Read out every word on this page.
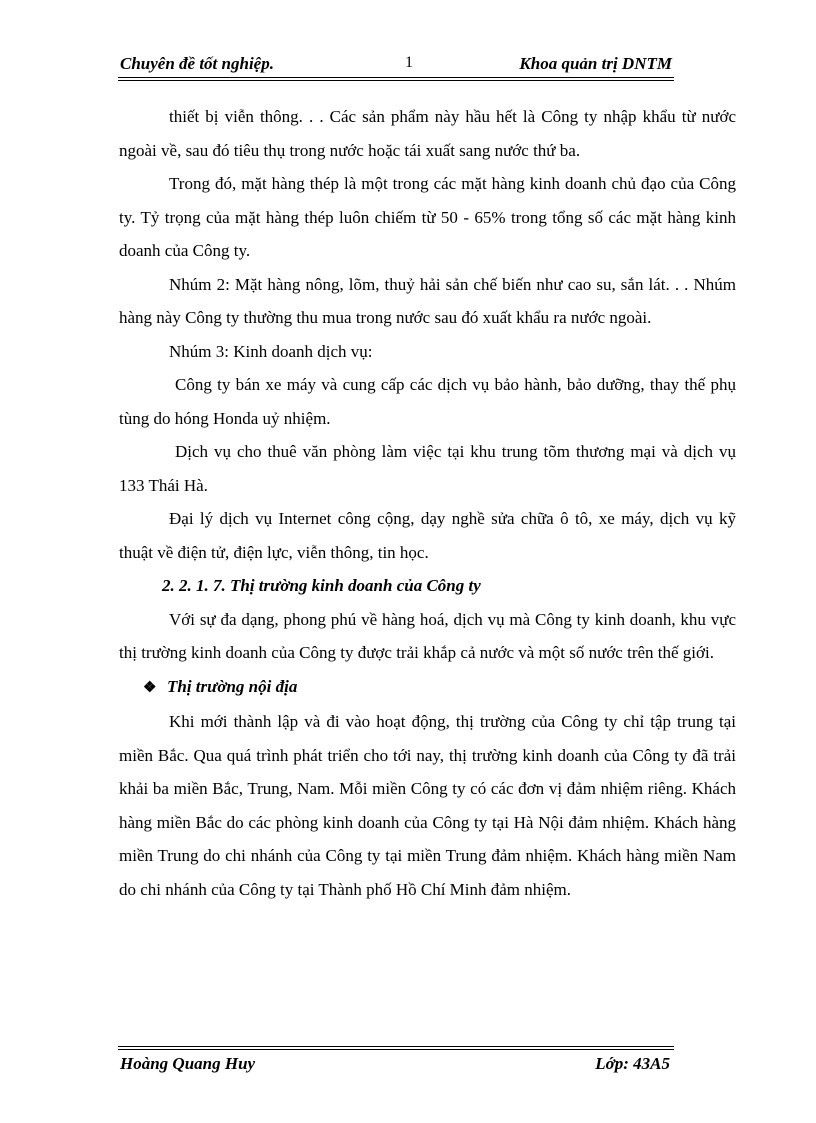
Chuyên đề tốt nghiệp.	1	Khoa quản trị DNTM

thiết bị viễn thông. . . Các sản phẩm này hầu hết là Công ty nhập khẩu từ nước ngoài về, sau đó tiêu thụ trong nước hoặc tái xuất sang nước thứ ba.

Trong đó, mặt hàng thép là một trong các mặt hàng kinh doanh chủ đạo của Công ty. Tỷ trọng của mặt hàng thép luôn chiếm từ 50 - 65% trong tổng số các mặt hàng kinh doanh của Công ty.

Nhúm 2: Mặt hàng nông, lõm, thuỷ hải sản chế biến như cao su, sắn lát. . . Nhúm hàng này Công ty thường thu mua trong nước sau đó xuất khẩu ra nước ngoài.

Nhúm 3: Kinh doanh dịch vụ:

Công ty bán xe máy và cung cấp các dịch vụ bảo hành, bảo dưỡng, thay thế phụ tùng do hóng Honda uỷ nhiệm.

Dịch vụ cho thuê văn phòng làm việc tại khu trung tõm thương mại và dịch vụ 133 Thái Hà.

Đại lý dịch vụ Internet công cộng, dạy nghề sửa chữa ô tô, xe máy, dịch vụ kỹ thuật về điện tử, điện lực, viễn thông, tin học.

2. 2. 1. 7. Thị trường kinh doanh của Công ty

Với sự đa dạng, phong phú về hàng hoá, dịch vụ mà Công ty kinh doanh, khu vực thị trường kinh doanh của Công ty được trải khắp cả nước và một số nước trên thế giới.

❖ Thị trường nội địa

Khi mới thành lập và đi vào hoạt động, thị trường của Công ty chỉ tập trung tại miền Bắc. Qua quá trình phát triển cho tới nay, thị trường kinh doanh của Công ty đã trải khải ba miền Bắc, Trung, Nam. Mỗi miền Công ty có các đơn vị đảm nhiệm riêng. Khách hàng miền Bắc do các phòng kinh doanh của Công ty tại Hà Nội đảm nhiệm. Khách hàng miền Trung do chi nhánh của Công ty tại miền Trung đảm nhiệm. Khách hàng miền Nam do chi nhánh của Công ty tại Thành phố Hồ Chí Minh đảm nhiệm.

Hoàng Quang Huy	Lớp: 43A5
